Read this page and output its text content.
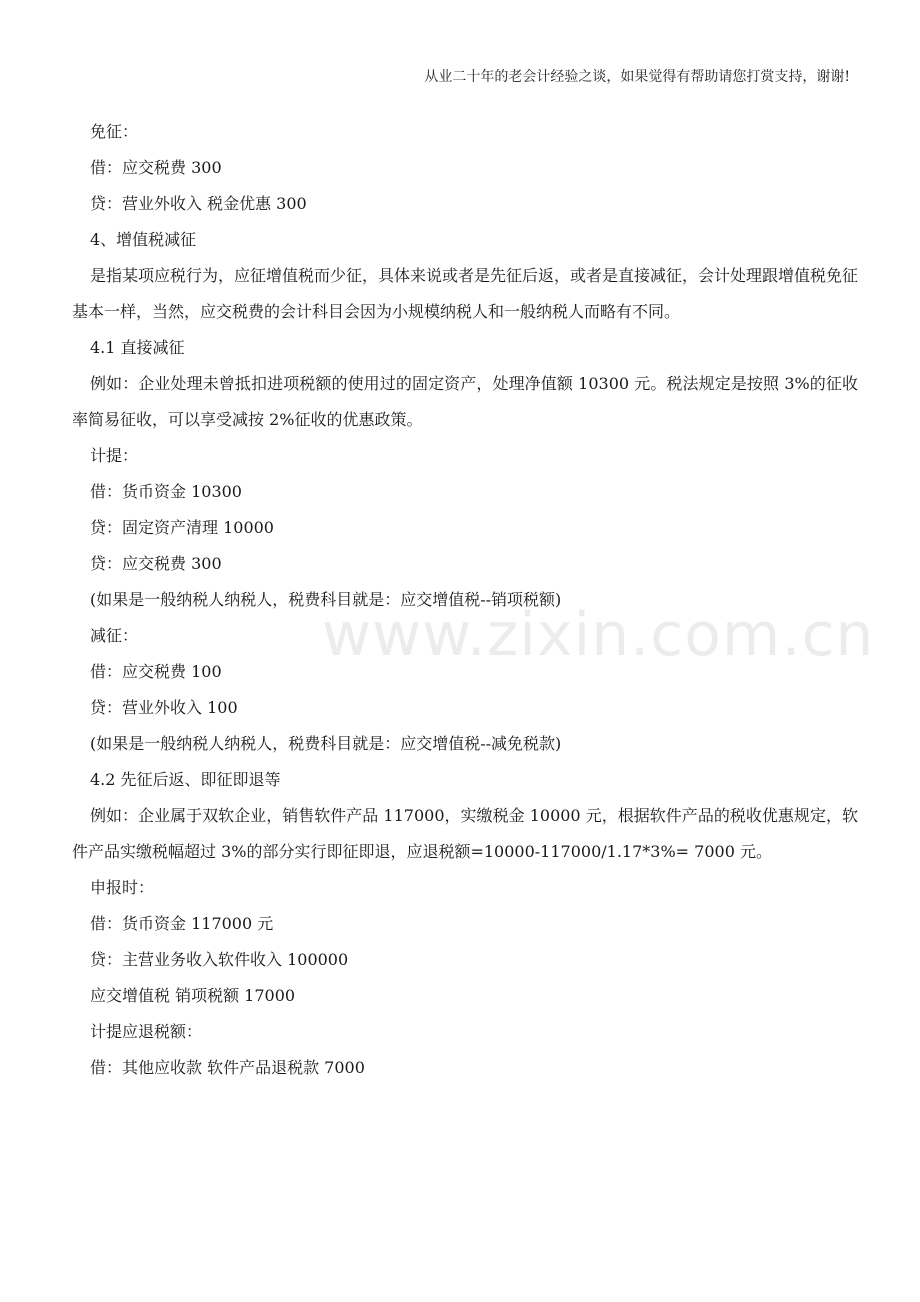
从业二十年的老会计经验之谈，如果觉得有帮助请您打赏支持，谢谢!
www.zixin.com.cn

免征：

借：应交税费 300

贷：营业外收入 税金优惠 300

4、增值税减征

是指某项应税行为，应征增值税而少征，具体来说或者是先征后返，或者是直接减征，会计处理跟增值税免征基本一样，当然，应交税费的会计科目会因为小规模纳税人和一般纳税人而略有不同。

4.1 直接减征

例如：企业处理未曾抵扣进项税额的使用过的固定资产，处理净值额 10300 元。税法规定是按照 3%的征收率简易征收，可以享受减按 2%征收的优惠政策。

计提：

借：货币资金 10300

贷：固定资产清理 10000

贷：应交税费 300

(如果是一般纳税人纳税人，税费科目就是：应交增值税--销项税额)

减征：

借：应交税费 100

贷：营业外收入 100

(如果是一般纳税人纳税人，税费科目就是：应交增值税--减免税款)

4.2 先征后返、即征即退等

例如：企业属于双软企业，销售软件产品 117000，实缴税金 10000 元，根据软件产品的税收优惠规定，软件产品实缴税幅超过 3%的部分实行即征即退，应退税额=10000-117000/1.17*3%= 7000 元。

申报时：

借：货币资金 117000 元

贷：主营业务收入软件收入 100000

应交增值税 销项税额 17000

计提应退税额：

借：其他应收款 软件产品退税款 7000
